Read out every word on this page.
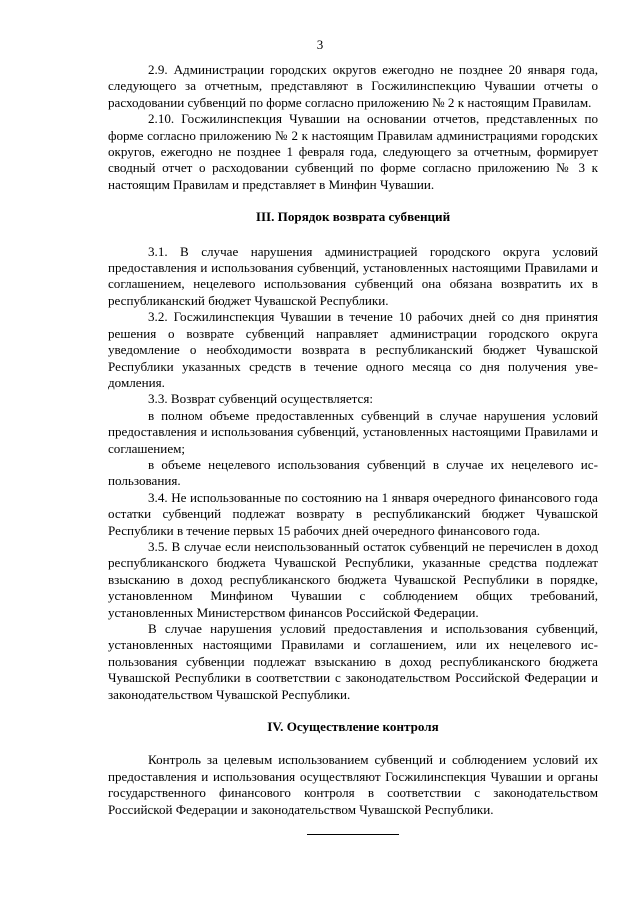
3

2.9. Администрации городских округов ежегодно не позднее 20 января года, следующего за отчетным, представляют в Госжилинспекцию Чувашии отчеты о расходовании субвенций по форме согласно приложению № 2 к настоящим Правилам.

2.10. Госжилинспекция Чувашии на основании отчетов, представленных по форме согласно приложению № 2 к настоящим Правилам администрациями городских округов, ежегодно не позднее 1 февраля года, следующего за отчетным, формирует сводный отчет о расходовании субвенций по форме согласно приложению № 3 к настоящим Правилам и представляет в Минфин Чувашии.

III. Порядок возврата субвенций

3.1. В случае нарушения администрацией городского округа условий предоставления и использования субвенций, установленных настоящими Правилами и соглашением, нецелевого использования субвенций она обязана возвратить их в республиканский бюджет Чувашской Республики.

3.2. Госжилинспекция Чувашии в течение 10 рабочих дней со дня принятия решения о возврате субвенций направляет администрации городского округа уведомление о необходимости возврата в республиканский бюджет Чувашской Республики указанных средств в течение одного месяца со дня получения уведомления.

3.3. Возврат субвенций осуществляется:

в полном объеме предоставленных субвенций в случае нарушения условий предоставления и использования субвенций, установленных настоящими Правилами и соглашением;

в объеме нецелевого использования субвенций в случае их нецелевого использования.

3.4. Не использованные по состоянию на 1 января очередного финансового года остатки субвенций подлежат возврату в республиканский бюджет Чувашской Республики в течение первых 15 рабочих дней очередного финансового года.

3.5. В случае если неиспользованный остаток субвенций не перечислен в доход республиканского бюджета Чувашской Республики, указанные средства подлежат взысканию в доход республиканского бюджета Чувашской Республики в порядке, установленном Минфином Чувашии с соблюдением общих требований, установленных Министерством финансов Российской Федерации.

В случае нарушения условий предоставления и использования субвенций, установленных настоящими Правилами и соглашением, или их нецелевого использования субвенции подлежат взысканию в доход республиканского бюджета Чувашской Республики в соответствии с законодательством Российской Федерации и законодательством Чувашской Республики.

IV. Осуществление контроля

Контроль за целевым использованием субвенций и соблюдением условий их предоставления и использования осуществляют Госжилинспекция Чувашии и органы государственного финансового контроля в соответствии с законодательством Российской Федерации и законодательством Чувашской Республики.
